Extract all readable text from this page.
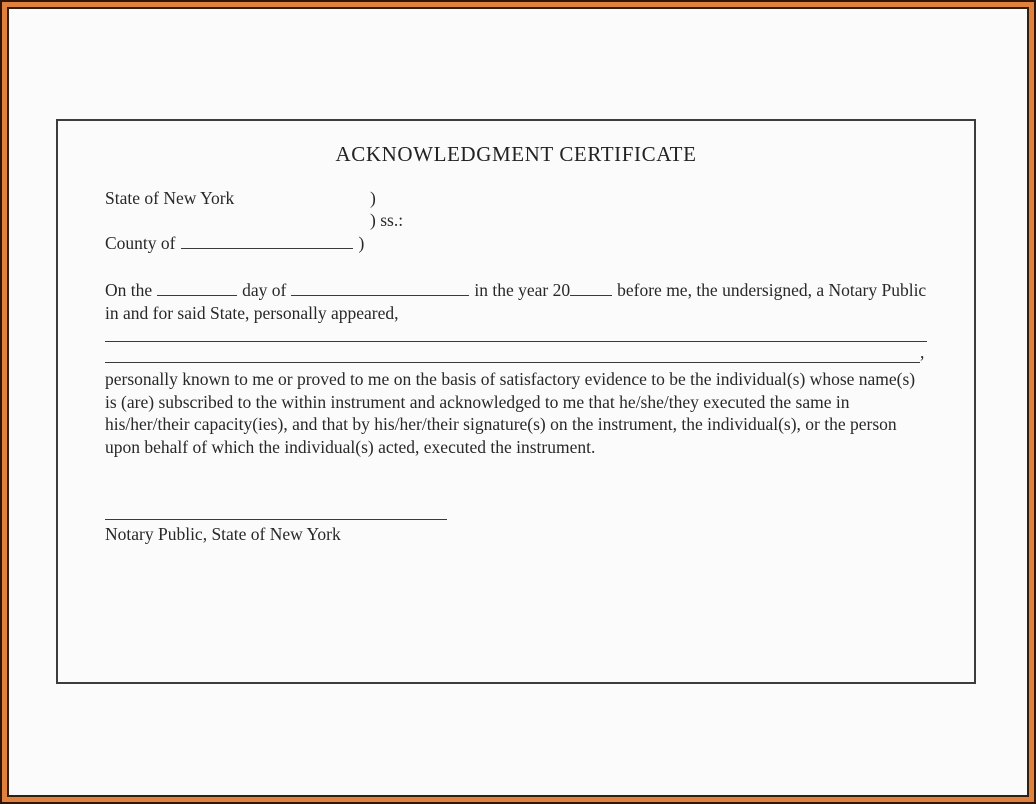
ACKNOWLEDGMENT CERTIFICATE
State of New York	)
) ss.:
County of	)

On the	day of	in the year 20	before me, the undersigned, a Notary Public in and for said State, personally appeared,

,

personally known to me or proved to me on the basis of satisfactory evidence to be the individual(s) whose name(s) is (are) subscribed to the within instrument and acknowledged to me that he/she/they executed the same in his/her/their capacity(ies), and that by his/her/their signature(s) on the instrument, the individual(s), or the person upon behalf of which the individual(s) acted, executed the instrument.

Notary Public, State of New York
